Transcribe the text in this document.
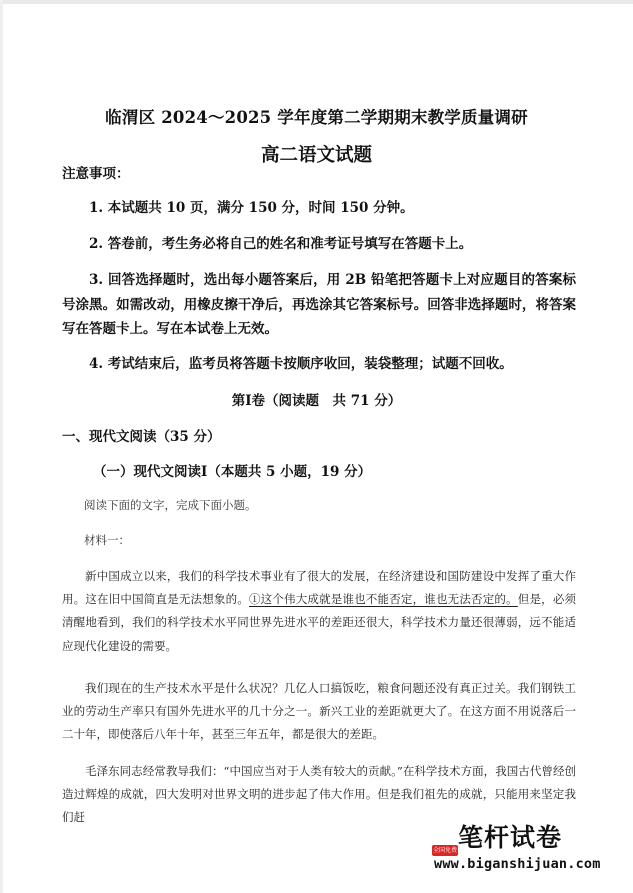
临渭区 2024～2025 学年度第二学期期末教学质量调研
高二语文试题
注意事项：

1. 本试题共 10 页，满分 150 分，时间 150 分钟。

2. 答卷前，考生务必将自己的姓名和准考证号填写在答题卡上。

3. 回答选择题时，选出每小题答案后，用 2B 铅笔把答题卡上对应题目的答案标号涂黑。如需改动，用橡皮擦干净后，再选涂其它答案标号。回答非选择题时，将答案写在答题卡上。写在本试卷上无效。

4. 考试结束后，监考员将答题卡按顺序收回，装袋整理；试题不回收。

第Ⅰ卷（阅读题　共 71 分）
一、现代文阅读（35 分）
（一）现代文阅读Ⅰ（本题共 5 小题，19 分）
阅读下面的文字，完成下面小题。
材料一：

新中国成立以来，我们的科学技术事业有了很大的发展，在经济建设和国防建设中发挥了重大作用。这在旧中国简直是无法想象的。①这个伟大成就是谁也不能否定，谁也无法否定的。但是，必须清醒地看到，我们的科学技术水平同世界先进水平的差距还很大，科学技术力量还很薄弱，远不能适应现代化建设的需要。

我们现在的生产技术水平是什么状况？几亿人口搞饭吃，粮食问题还没有真正过关。我们钢铁工业的劳动生产率只有国外先进水平的几十分之一。新兴工业的差距就更大了。在这方面不用说落后一二十年，即使落后八年十年，甚至三年五年，都是很大的差距。

毛泽东同志经常教导我们：“中国应当对于人类有较大的贡献。”在科学技术方面，我国古代曾经创造过辉煌的成就，四大发明对世界文明的进步起了伟大作用。但是我们祖先的成就，只能用来坚定我们赶

全国免费 笔杆试卷
www.biganshijuan.com
